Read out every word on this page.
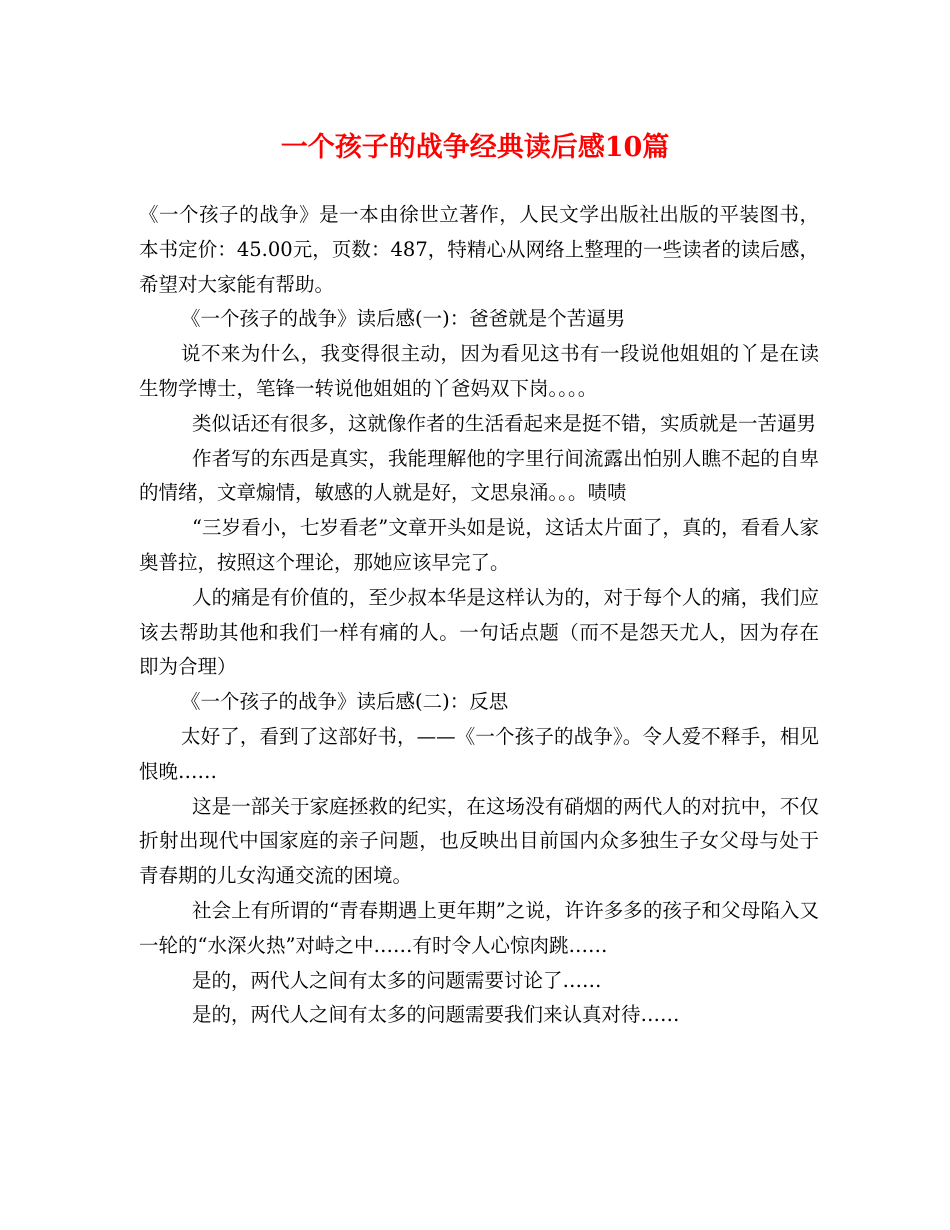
一个孩子的战争经典读后感10篇

《一个孩子的战争》是一本由徐世立著作，人民文学出版社出版的平装图书，本书定价：45.00元，页数：487，特精心从网络上整理的一些读者的读后感，希望对大家能有帮助。

《一个孩子的战争》读后感(一)：爸爸就是个苦逼男

说不来为什么，我变得很主动，因为看见这书有一段说他姐姐的丫是在读生物学博士，笔锋一转说他姐姐的丫爸妈双下岗。。。。

类似话还有很多，这就像作者的生活看起来是挺不错，实质就是一苦逼男

作者写的东西是真实，我能理解他的字里行间流露出怕别人瞧不起的自卑的情绪，文章煽情，敏感的人就是好，文思泉涌。。。啧啧

“三岁看小，七岁看老”文章开头如是说，这话太片面了，真的，看看人家奥普拉，按照这个理论，那她应该早完了。

人的痛是有价值的，至少叔本华是这样认为的，对于每个人的痛，我们应该去帮助其他和我们一样有痛的人。一句话点题（而不是怨天尤人，因为存在即为合理）

《一个孩子的战争》读后感(二)：反思

太好了，看到了这部好书，——《一个孩子的战争》。令人爱不释手，相见恨晚……

这是一部关于家庭拯救的纪实，在这场没有硝烟的两代人的对抗中，不仅折射出现代中国家庭的亲子问题，也反映出目前国内众多独生子女父母与处于青春期的儿女沟通交流的困境。

社会上有所谓的“青春期遇上更年期”之说，许许多多的孩子和父母陷入又一轮的“水深火热”对峙之中……有时令人心惊肉跳……

是的，两代人之间有太多的问题需要讨论了……

是的，两代人之间有太多的问题需要我们来认真对待……
